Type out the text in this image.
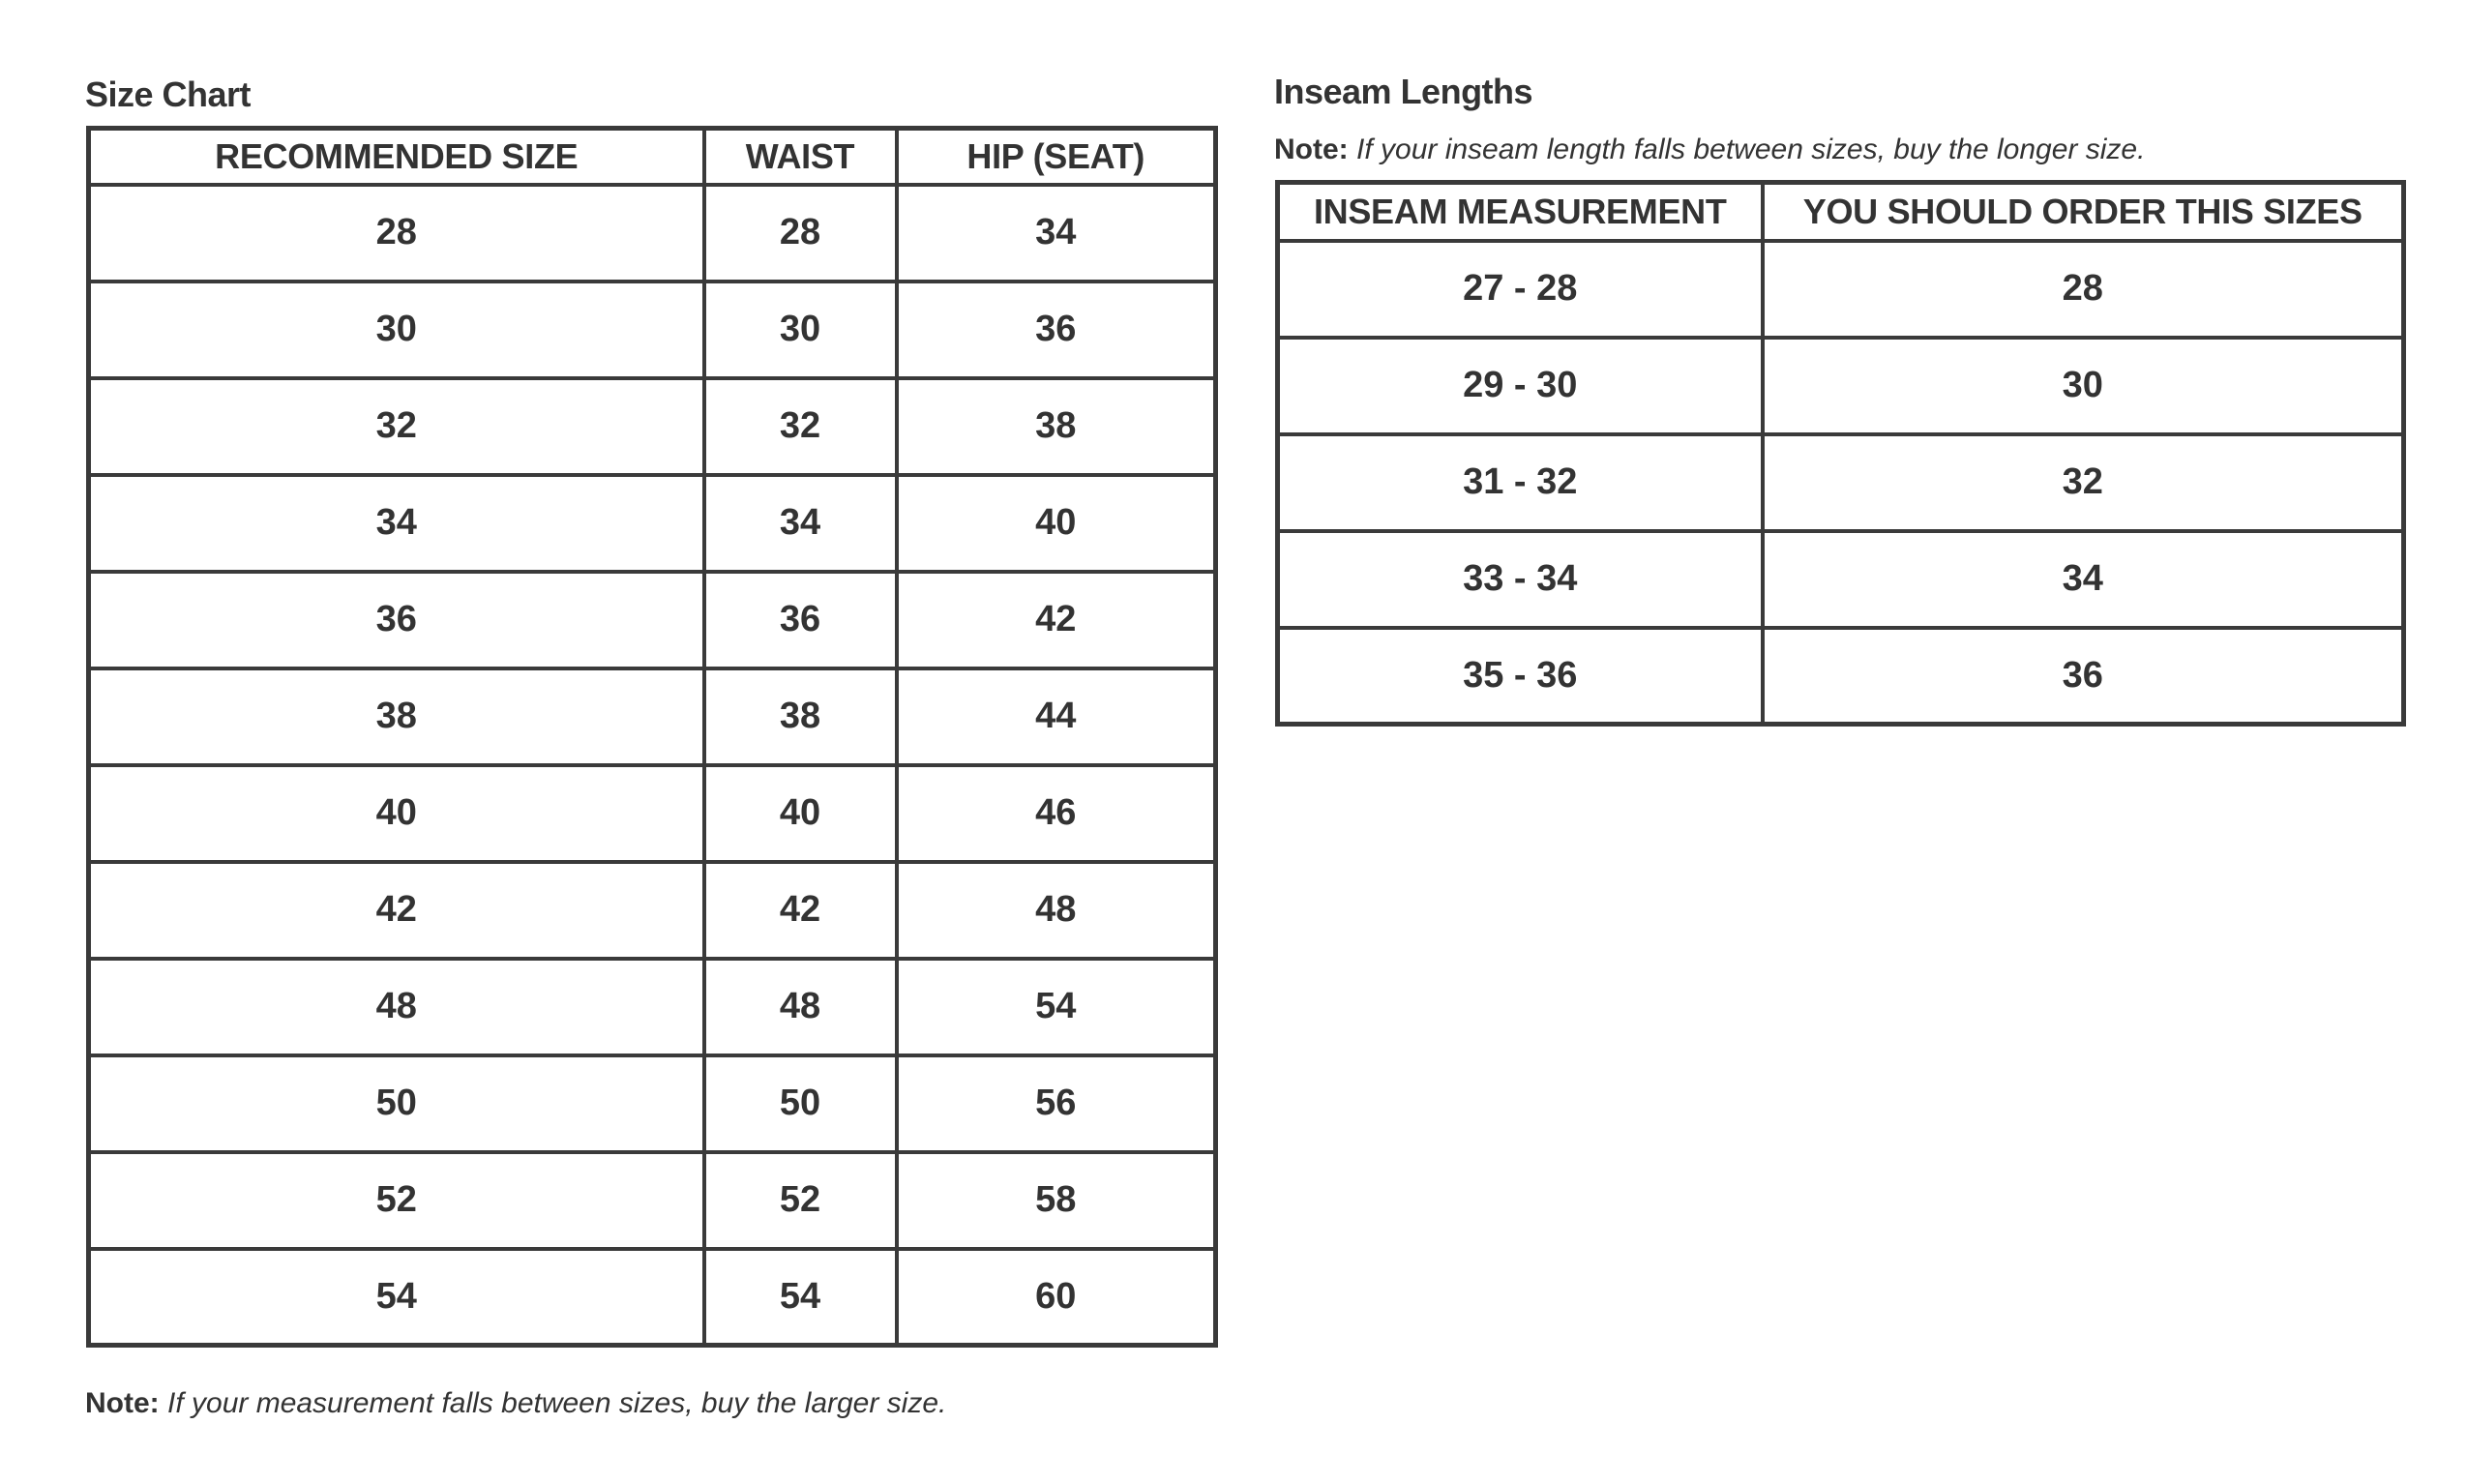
Size Chart
RECOMMENDED SIZE	WAIST	HIP (SEAT)
28	28	34
30	30	36
32	32	38
34	34	40
36	36	42
38	38	44
40	40	46
42	42	48
48	48	54
50	50	56
52	52	58
54	54	60
Note: If your measurement falls between sizes, buy the larger size.
Inseam Lengths
Note: If your inseam length falls between sizes, buy the longer size.
INSEAM MEASUREMENT	YOU SHOULD ORDER THIS SIZES
27 - 28	28
29 - 30	30
31 - 32	32
33 - 34	34
35 - 36	36
